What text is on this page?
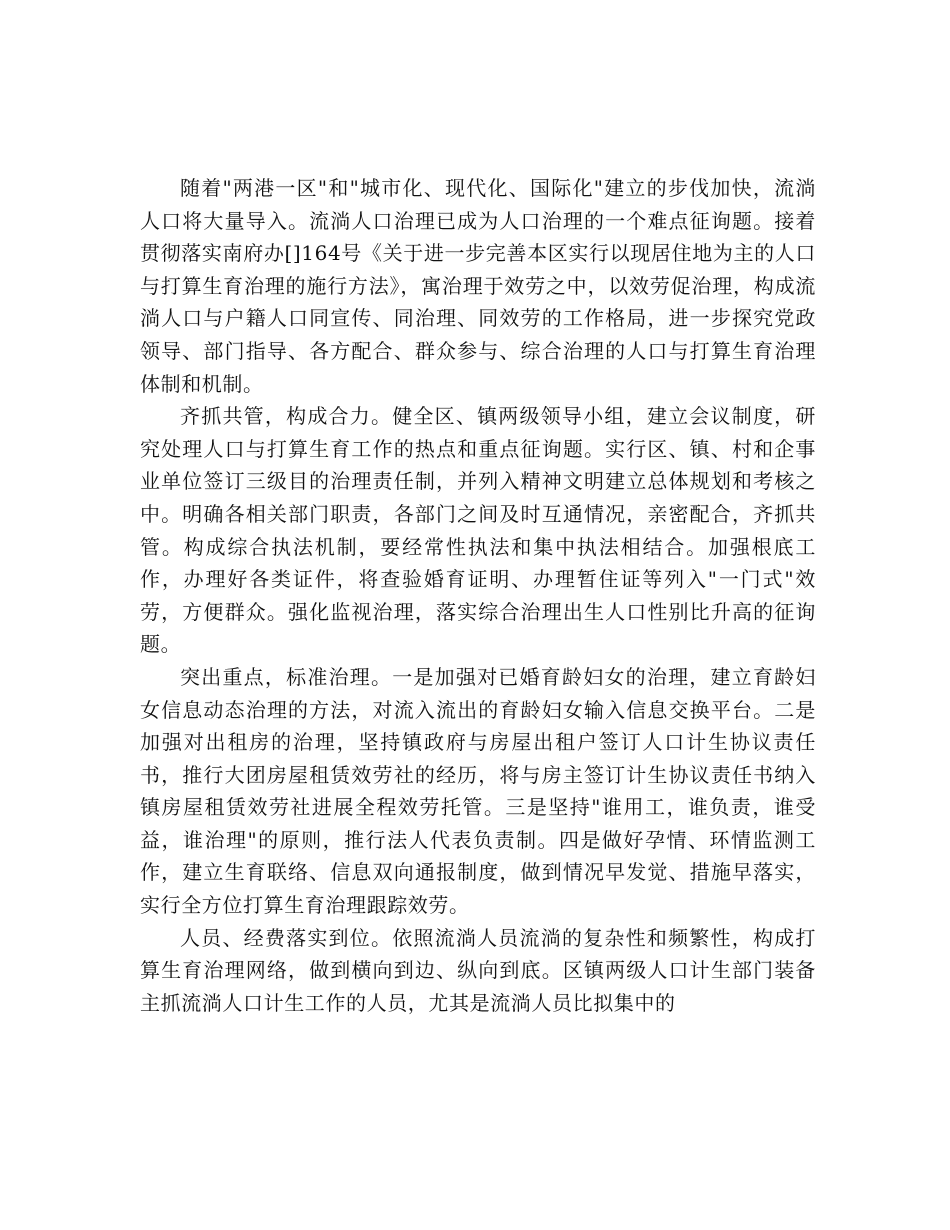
随着"两港一区"和"城市化、现代化、国际化"建立的步伐加快，流淌人口将大量导入。流淌人口治理已成为人口治理的一个难点征询题。接着贯彻落实南府办[]164号《关于进一步完善本区实行以现居住地为主的人口与打算生育治理的施行方法》，寓治理于效劳之中，以效劳促治理，构成流淌人口与户籍人口同宣传、同治理、同效劳的工作格局，进一步探究党政领导、部门指导、各方配合、群众参与、综合治理的人口与打算生育治理体制和机制。

齐抓共管，构成合力。健全区、镇两级领导小组，建立会议制度，研究处理人口与打算生育工作的热点和重点征询题。实行区、镇、村和企事业单位签订三级目的治理责任制，并列入精神文明建立总体规划和考核之中。明确各相关部门职责，各部门之间及时互通情况，亲密配合，齐抓共管。构成综合执法机制，要经常性执法和集中执法相结合。加强根底工作，办理好各类证件，将查验婚育证明、办理暂住证等列入"一门式"效劳，方便群众。强化监视治理，落实综合治理出生人口性别比升高的征询题。

突出重点，标准治理。一是加强对已婚育龄妇女的治理，建立育龄妇女信息动态治理的方法，对流入流出的育龄妇女输入信息交换平台。二是加强对出租房的治理，坚持镇政府与房屋出租户签订人口计生协议责任书，推行大团房屋租赁效劳社的经历，将与房主签订计生协议责任书纳入镇房屋租赁效劳社进展全程效劳托管。三是坚持"谁用工，谁负责，谁受益，谁治理"的原则，推行法人代表负责制。四是做好孕情、环情监测工作，建立生育联络、信息双向通报制度，做到情况早发觉、措施早落实，实行全方位打算生育治理跟踪效劳。

人员、经费落实到位。依照流淌人员流淌的复杂性和频繁性，构成打算生育治理网络，做到横向到边、纵向到底。区镇两级人口计生部门装备主抓流淌人口计生工作的人员，尤其是流淌人员比拟集中的
